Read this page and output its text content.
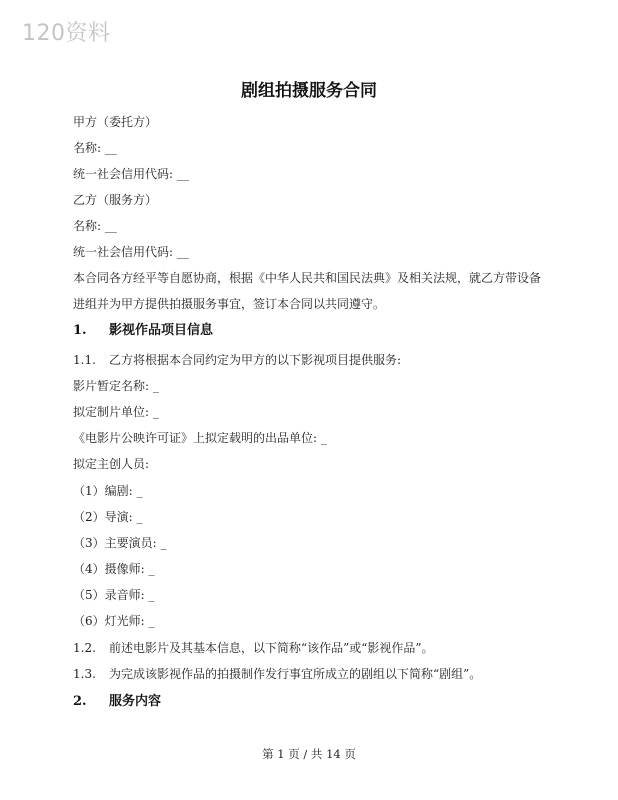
120资料
剧组拍摄服务合同
甲方（委托方）
名称: __
统一社会信用代码: __
乙方（服务方）
名称: __
统一社会信用代码: __
本合同各方经平等自愿协商，根据《中华人民共和国民法典》及相关法规，就乙方带设备
进组并为甲方提供拍摄服务事宜，签订本合同以共同遵守。
1. 影视作品项目信息
1.1. 乙方将根据本合同约定为甲方的以下影视项目提供服务:
影片暂定名称: _
拟定制片单位: _
《电影片公映许可证》上拟定载明的出品单位: _
拟定主创人员:
（1）编剧: _
（2）导演: _
（3）主要演员: _
（4）摄像师: _
（5）录音师: _
（6）灯光师: _
1.2. 前述电影片及其基本信息，以下简称“该作品”或“影视作品”。
1.3. 为完成该影视作品的拍摄制作发行事宜所成立的剧组以下简称“剧组”。
2. 服务内容
第 1 页 / 共 14 页
